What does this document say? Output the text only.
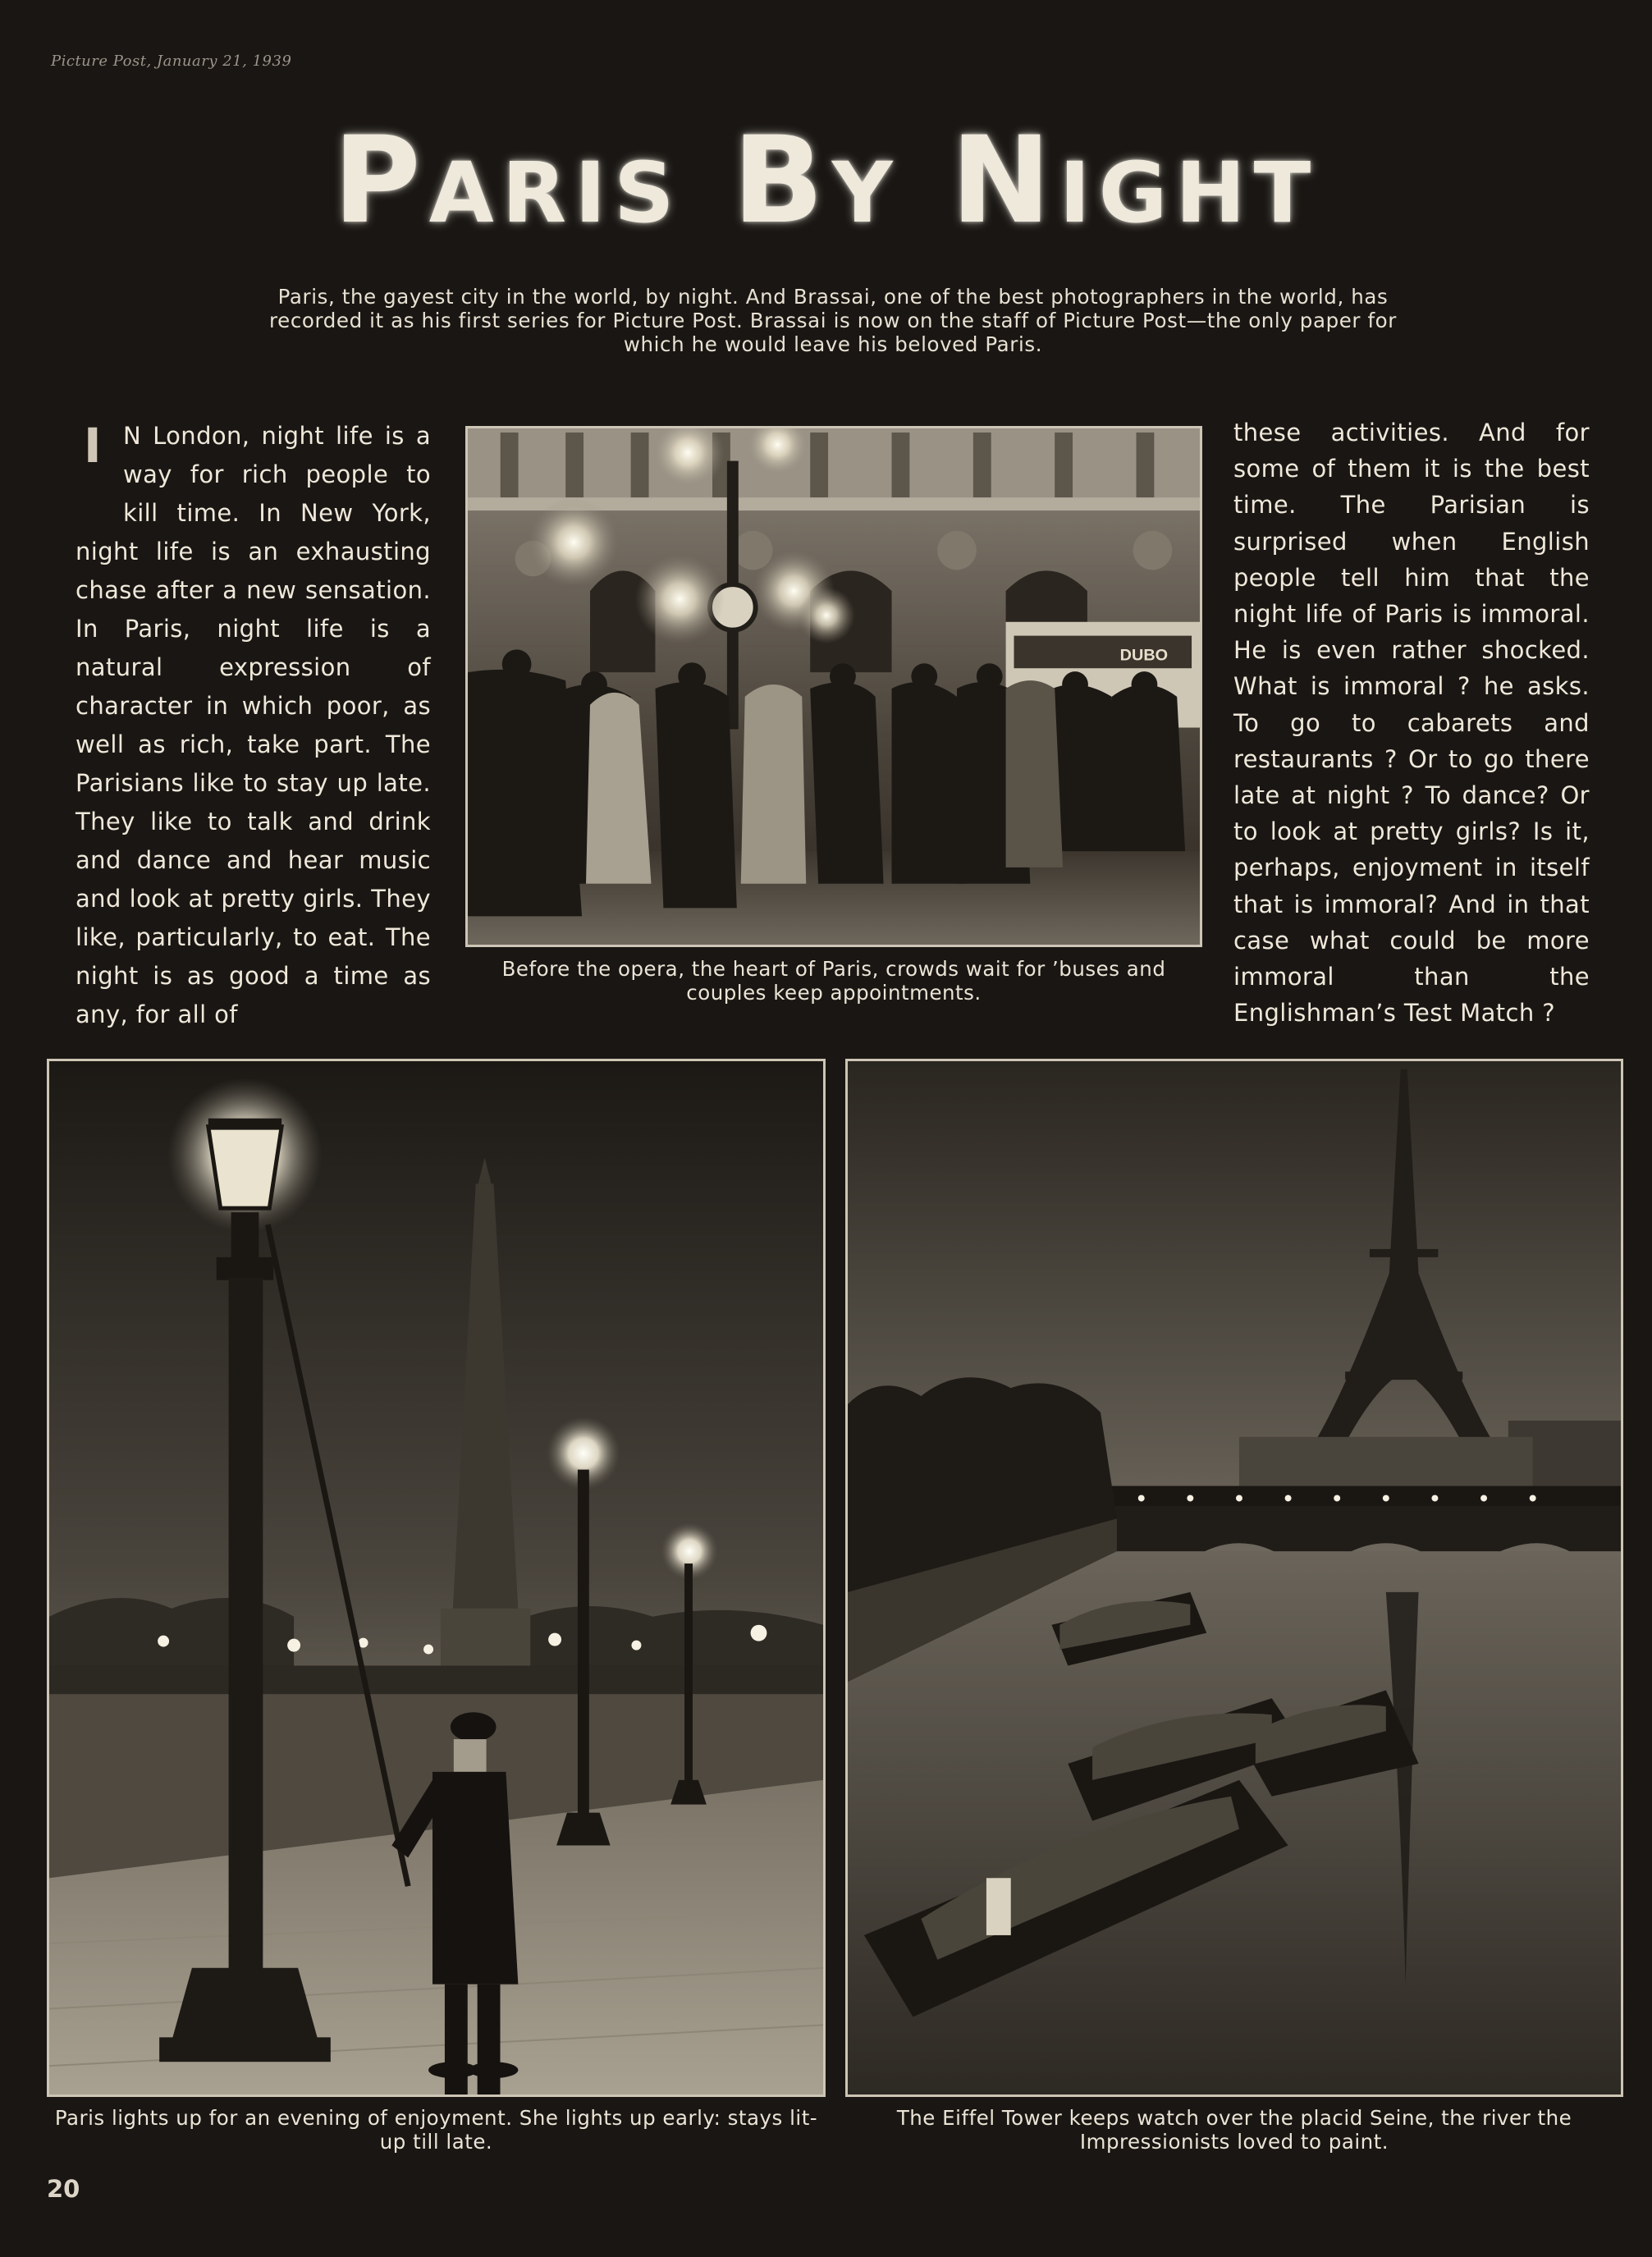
Picture Post, January 21, 1939
Paris By Night
Paris, the gayest city in the world, by night. And Brassai, one of the best photographers in the world, has recorded it as his first series for Picture Post. Brassai is now on the staff of Picture Post—the only paper for which he would leave his beloved Paris.
I N London, night life is a way for rich people to kill time. In New York, night life is an exhausting chase after a new sensation. In Paris, night life is a natural expression of character in which poor, as well as rich, take part. The Parisians like to stay up late. They like to talk and drink and dance and hear music and look at pretty girls. They like, particularly, to eat. The night is as good a time as any, for all of
these activities. And for some of them it is the best time. The Parisian is surprised when English people tell him that the night life of Paris is immoral. He is even rather shocked. What is immoral ? he asks. To go to cabarets and restaurants ? Or to go there late at night ? To dance? Or to look at pretty girls? Is it, perhaps, enjoyment in itself that is immoral? And in that case what could be more immoral than the Englishman’s Test Match ?
DUBO
Before the opera, the heart of Paris, crowds wait for ’buses and couples keep appointments.
Paris lights up for an evening of enjoyment. She lights up early: stays lit-up till late.
The Eiffel Tower keeps watch over the placid Seine, the river the Impressionists loved to paint.
20
